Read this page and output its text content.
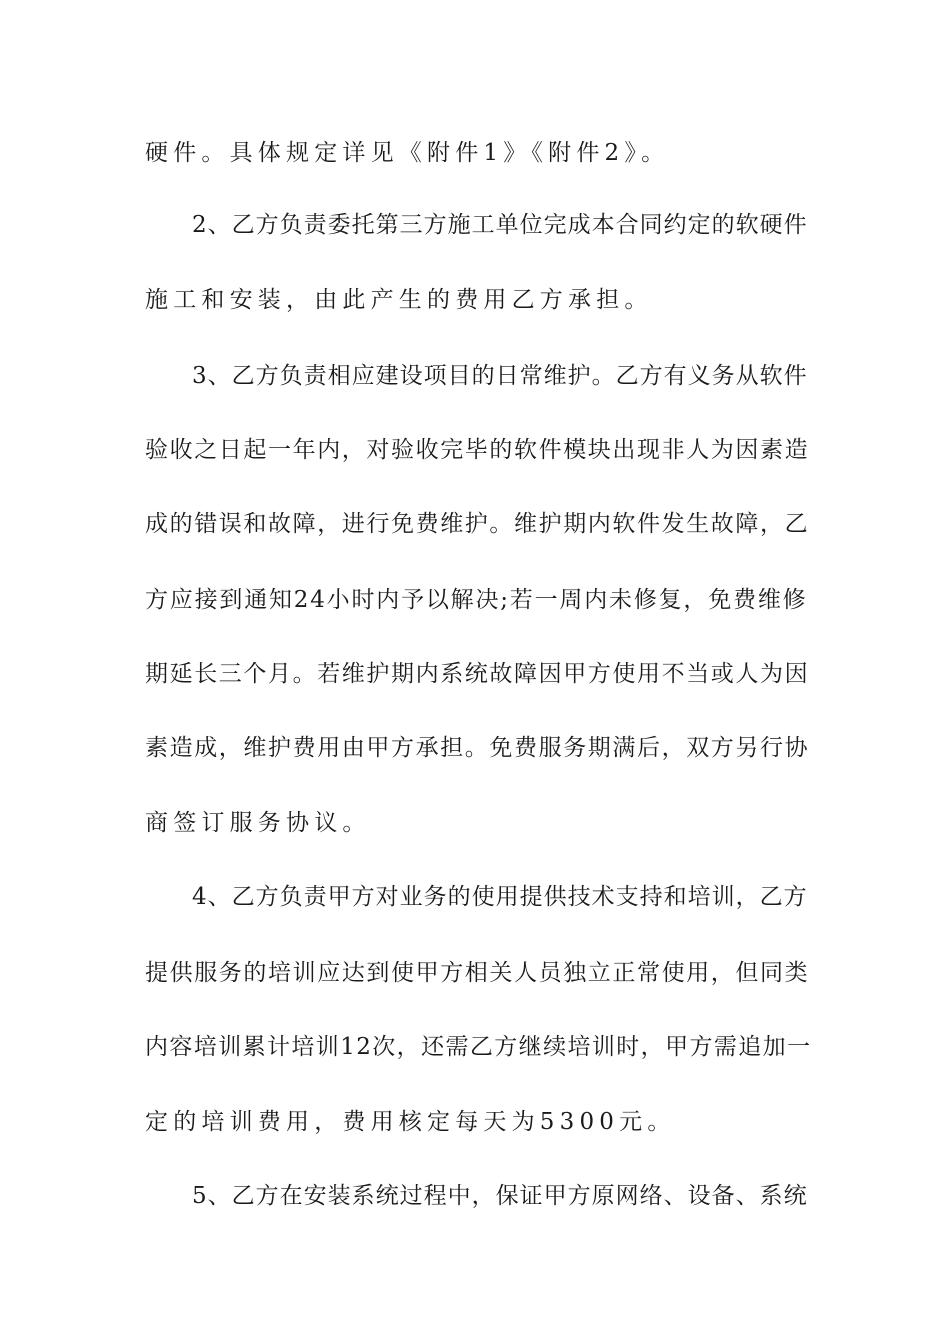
硬件。具体规定详见《附件1》《附件2》。
2、乙方负责委托第三方施工单位完成本合同约定的软硬件
施工和安装，由此产生的费用乙方承担。
3、乙方负责相应建设项目的日常维护。乙方有义务从软件
验收之日起一年内，对验收完毕的软件模块出现非人为因素造
成的错误和故障，进行免费维护。维护期内软件发生故障，乙
方应接到通知24小时内予以解决;若一周内未修复，免费维修
期延长三个月。若维护期内系统故障因甲方使用不当或人为因
素造成，维护费用由甲方承担。免费服务期满后，双方另行协
商签订服务协议。
4、乙方负责甲方对业务的使用提供技术支持和培训，乙方
提供服务的培训应达到使甲方相关人员独立正常使用，但同类
内容培训累计培训12次，还需乙方继续培训时，甲方需追加一
定的培训费用，费用核定每天为5300元。
5、乙方在安装系统过程中，保证甲方原网络、设备、系统
